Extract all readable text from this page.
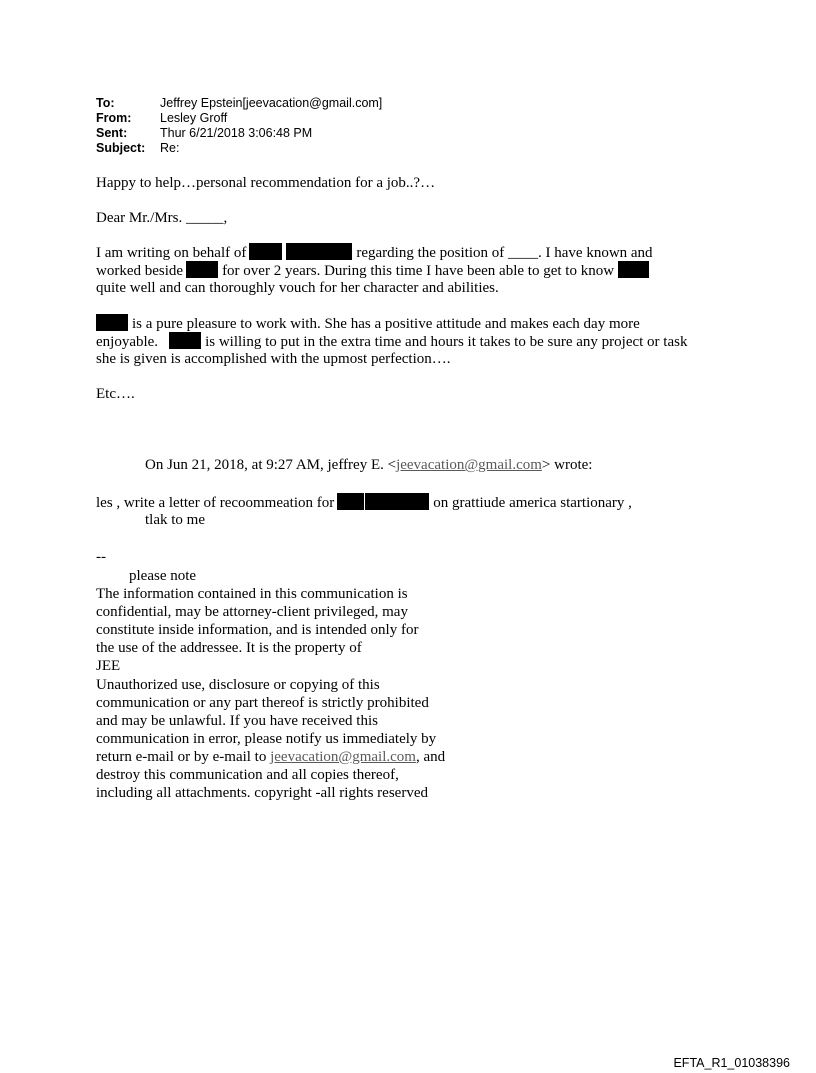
To:	Jeffrey Epstein[jeevacation@gmail.com]
From:	Lesley Groff
Sent:	Thur 6/21/2018 3:06:48 PM
Subject:	Re:
Happy to help…personal recommendation for a job..?…
Dear Mr./Mrs. _____,
I am writing on behalf of	regarding the position of ____. I have known and
worked beside	for over 2 years. During this time I have been able to get to know
quite well and can thoroughly vouch for her character and abilities.
is a pure pleasure to work with. She has a positive attitude and makes each day more
enjoyable.	is willing to put in the extra time and hours it takes to be sure any project or task
she is given is accomplished with the upmost perfection….
Etc….
On Jun 21, 2018, at 9:27 AM, jeffrey E. <jeevacation@gmail.com> wrote:
les , write a letter of recoommeation for	on grattiude america startionary ,
tlak to me
--
please note
The information contained in this communication is
confidential, may be attorney-client privileged, may
constitute inside information, and is intended only for
the use of the addressee. It is the property of
JEE
Unauthorized use, disclosure or copying of this
communication or any part thereof is strictly prohibited
and may be unlawful. If you have received this
communication in error, please notify us immediately by
return e-mail or by e-mail to jeevacation@gmail.com, and
destroy this communication and all copies thereof,
including all attachments. copyright -all rights reserved
EFTA_R1_01038396
